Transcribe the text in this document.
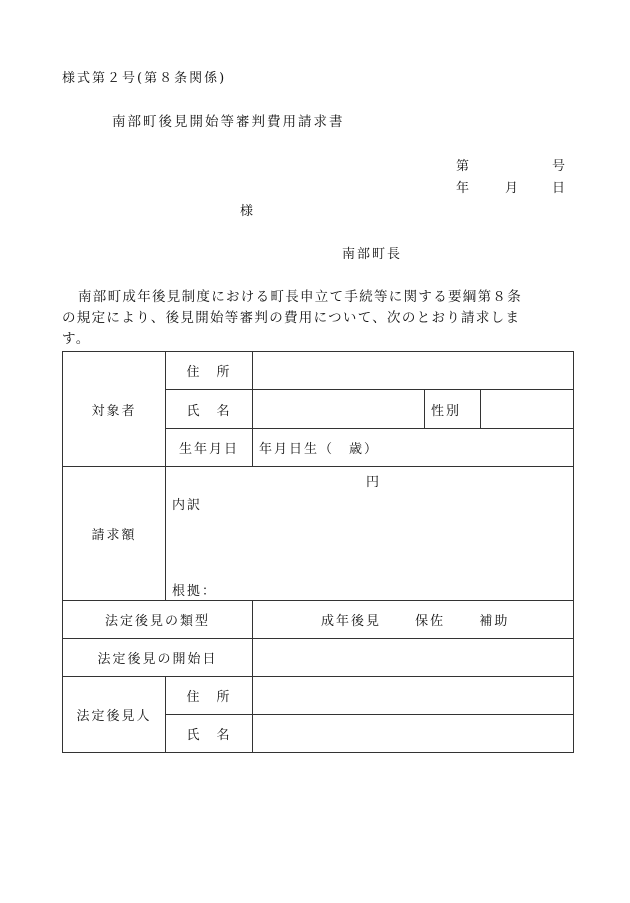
様式第２号(第８条関係)
南部町後見開始等審判費用請求書
第	号
年	月 日
様
南部町長
南部町成年後見制度における町長申立て手続等に関する要綱第８条
の規定により、後見開始等審判の費用について、次のとおり請求しま
す。
対象者	住　所			
	氏　名		性別	
	生年月日	年月日生（　歳）		
請求額	円
内訳
根拠：			

法定後見の類型		成年後見 保佐 補助		
法定後見の開始日				
法定後見人	住　所			
	氏　名			
